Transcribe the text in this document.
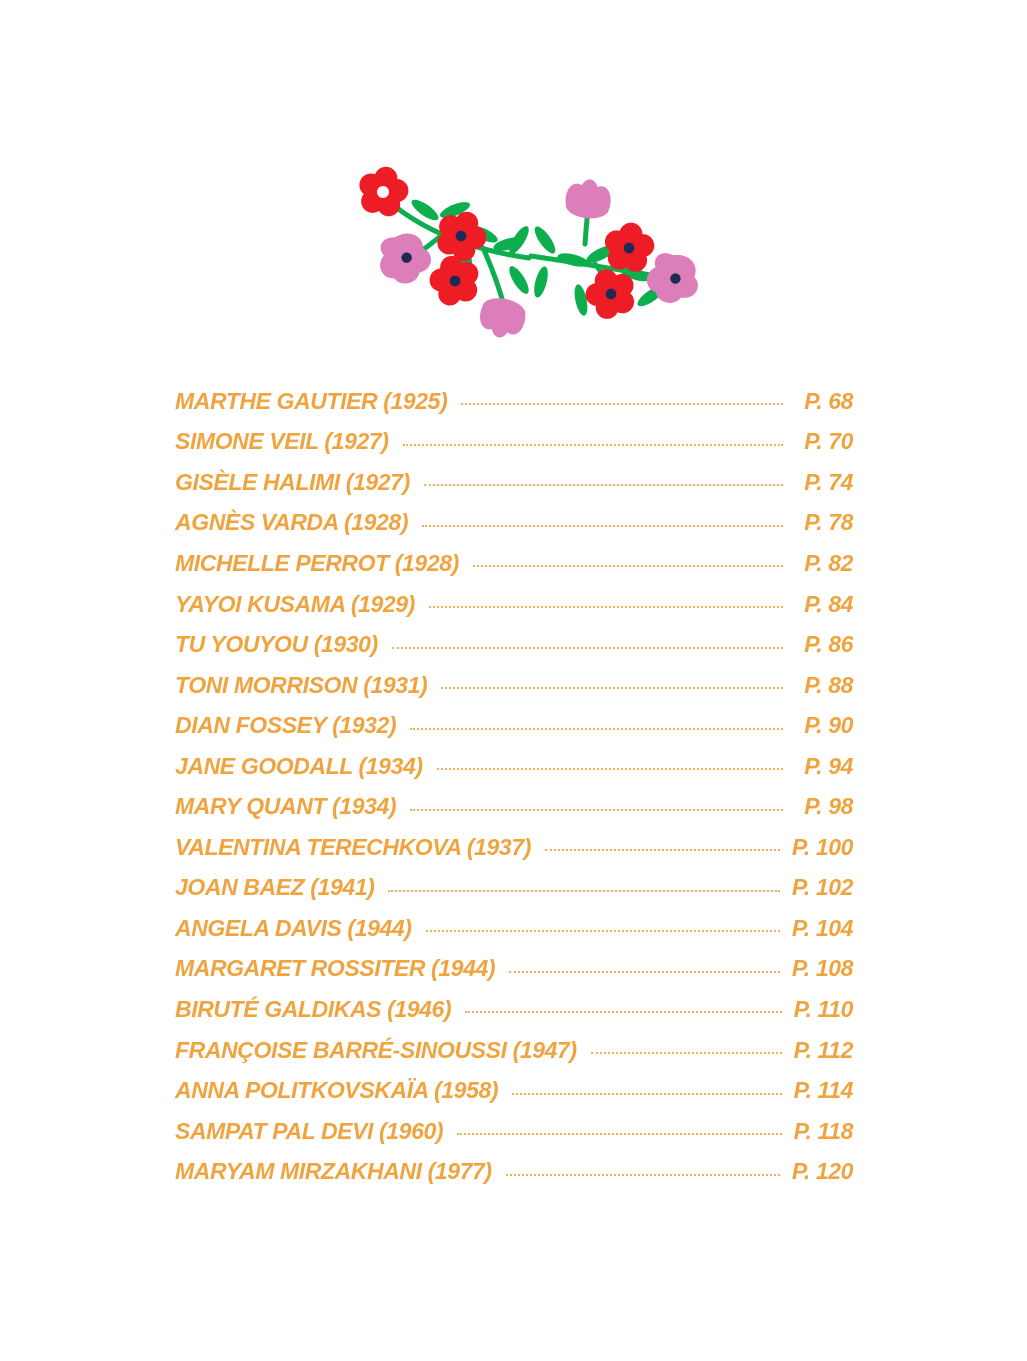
MARTHE GAUTIER (1925)	P. 68
SIMONE VEIL (1927)	P. 70
GISÈLE HALIMI (1927)	P. 74
AGNÈS VARDA (1928)	P. 78
MICHELLE PERROT (1928)	P. 82
YAYOI KUSAMA (1929)	P. 84
TU YOUYOU (1930)	P. 86
TONI MORRISON (1931)	P. 88
DIAN FOSSEY (1932)	P. 90
JANE GOODALL (1934)	P. 94
MARY QUANT (1934)	P. 98
VALENTINA TERECHKOVA (1937)	P. 100
JOAN BAEZ (1941)	P. 102
ANGELA DAVIS (1944)	P. 104
MARGARET ROSSITER (1944)	P. 108
BIRUTÉ GALDIKAS (1946)	P. 110
FRANÇOISE BARRÉ-SINOUSSI (1947)	P. 112
ANNA POLITKOVSKAÏA (1958)	P. 114
SAMPAT PAL DEVI (1960)	P. 118
MARYAM MIRZAKHANI (1977)	P. 120
